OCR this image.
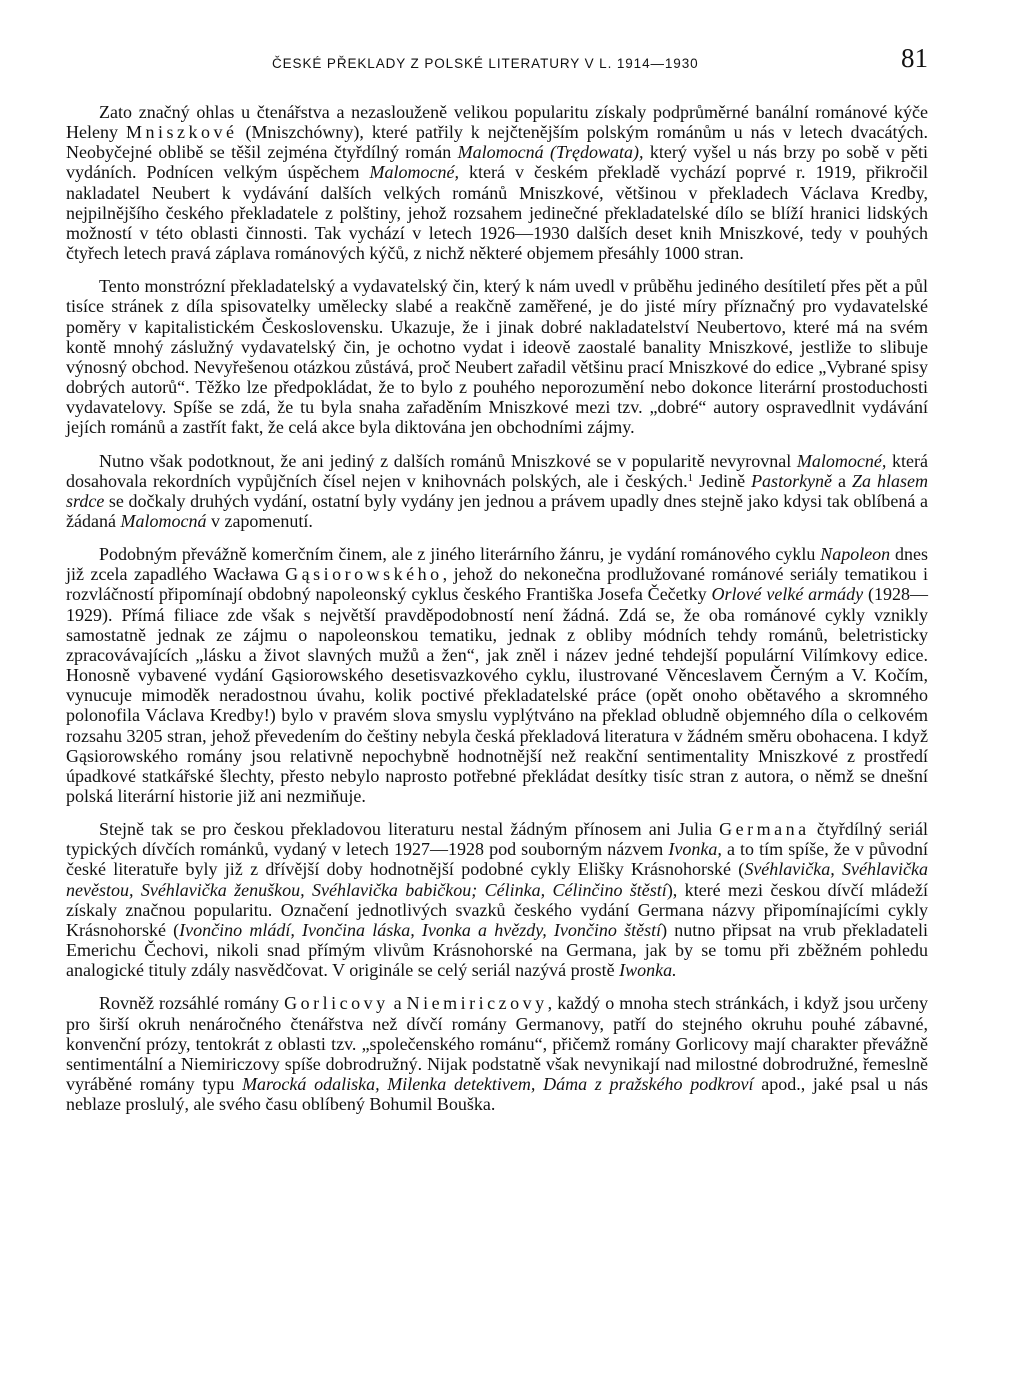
ČESKÉ PŘEKLADY Z POLSKÉ LITERATURY V L. 1914—1930	81

Zato značný ohlas u čtenářstva a nezaslouženě velikou popularitu získaly podprůměrné banální románové kýče Heleny Mniszkové (Mniszchówny), které patřily k nejčtenějším polským románům u nás v letech dvacátých. Neobyčejné oblibě se těšil zejména čtyřdílný román Malomocná (Trędowata), který vyšel u nás brzy po sobě v pěti vydáních. Podnícen velkým úspěchem Malomocné, která v českém překladě vychází poprvé r. 1919, přikročil nakladatel Neubert k vydávání dalších velkých románů Mniszkové, většinou v překladech Václava Kredby, nejpilnějšího českého překladatele z polštiny, jehož rozsahem jedinečné překladatelské dílo se blíží hranici lidských možností v této oblasti činnosti. Tak vychází v letech 1926—1930 dalších deset knih Mniszkové, tedy v pouhých čtyřech letech pravá záplava románových kýčů, z nichž některé objemem přesáhly 1000 stran.

Tento monstrózní překladatelský a vydavatelský čin, který k nám uvedl v průběhu jediného desítiletí přes pět a půl tisíce stránek z díla spisovatelky umělecky slabé a reakčně zaměřené, je do jisté míry příznačný pro vydavatelské poměry v kapitalistickém Československu. Ukazuje, že i jinak dobré nakladatelství Neubertovo, které má na svém kontě mnohý záslužný vydavatelský čin, je ochotno vydat i ideově zaostalé banality Mniszkové, jestliže to slibuje výnosný obchod. Nevyřešenou otázkou zůstává, proč Neubert zařadil většinu prací Mniszkové do edice „Vybrané spisy dobrých autorů“. Těžko lze předpokládat, že to bylo z pouhého neporozumění nebo dokonce literární prostoduchosti vydavatelovy. Spíše se zdá, že tu byla snaha zařaděním Mniszkové mezi tzv. „dobré“ autory ospravedlnit vydávání jejích románů a zastřít fakt, že celá akce byla diktována jen obchodními zájmy.

Nutno však podotknout, že ani jediný z dalších románů Mniszkové se v popularitě nevyrovnal Malomocné, která dosahovala rekordních vypůjčních čísel nejen v knihovnách polských, ale i českých.$^1$ Jedině Pastorkyně a Za hlasem srdce se dočkaly druhých vydání, ostatní byly vydány jen jednou a právem upadly dnes stejně jako kdysi tak oblíbená a žádaná Malomocná v zapomenutí.

Podobným převážně komerčním činem, ale z jiného literárního žánru, je vydání románového cyklu Napoleon dnes již zcela zapadlého Wacława Gąsiorowského, jehož do nekonečna prodlužované románové seriály tematikou i rozvláčností připomínají obdobný napoleonský cyklus českého Františka Josefa Čečetky Orlové velké armády (1928—1929). Přímá filiace zde však s největší pravděpodobností není žádná. Zdá se, že oba románové cykly vznikly samostatně jednak ze zájmu o napoleonskou tematiku, jednak z obliby módních tehdy románů, beletristicky zpracovávajících „lásku a život slavných mužů a žen“, jak zněl i název jedné tehdejší populární Vilímkovy edice. Honosně vybavené vydání Gąsiorowského desetisvazkového cyklu, ilustrované Věnceslavem Černým a V. Kočím, vynucuje mimoděk neradostnou úvahu, kolik poctivé překladatelské práce (opět onoho obětavého a skromného polonofila Václava Kredby!) bylo v pravém slova smyslu vyplýtváno na překlad obludně objemného díla o celkovém rozsahu 3205 stran, jehož převedením do češtiny nebyla česká překladová literatura v žádném směru obohacena. I když Gąsiorowského romány jsou relativně nepochybně hodnotnější než reakční sentimentality Mniszkové z prostředí úpadkové statkářské šlechty, přesto nebylo naprosto potřebné překládat desítky tisíc stran z autora, o němž se dnešní polská literární historie již ani nezmiňuje.

Stejně tak se pro českou překladovou literaturu nestal žádným přínosem ani Julia Germana čtyřdílný seriál typických dívčích románků, vydaný v letech 1927—1928 pod souborným názvem Ivonka, a to tím spíše, že v původní české literatuře byly již z dřívější doby hodnotnější podobné cykly Elišky Krásnohorské (Svéhlavička, Svéhlavička nevěstou, Svéhlavička ženuškou, Svéhlavička babičkou; Célinka, Célinčino štěstí), které mezi českou dívčí mládeží získaly značnou popularitu. Označení jednotlivých svazků českého vydání Germana názvy připomínajícími cykly Krásnohorské (Ivončino mládí, Ivončina láska, Ivonka a hvězdy, Ivončino štěstí) nutno připsat na vrub překladateli Emerichu Čechovi, nikoli snad přímým vlivům Krásnohorské na Germana, jak by se tomu při zběžném pohledu analogické tituly zdály nasvědčovat. V originále se celý seriál nazývá prostě Iwonka.

Rovněž rozsáhlé romány Gorlicovy a Niemiriczovy, každý o mnoha stech stránkách, i když jsou určeny pro širší okruh nenáročného čtenářstva než dívčí romány Germanovy, patří do stejného okruhu pouhé zábavné, konvenční prózy, tentokrát z oblasti tzv. „společenského románu“, přičemž romány Gorlicovy mají charakter převážně sentimentální a Niemiriczovy spíše dobrodružný. Nijak podstatně však nevynikají nad milostné dobrodružné, řemeslně vyráběné romány typu Marocká odaliska, Milenka detektivem, Dáma z pražského podkroví apod., jaké psal u nás neblaze proslulý, ale svého času oblíbený Bohumil Bouška.
